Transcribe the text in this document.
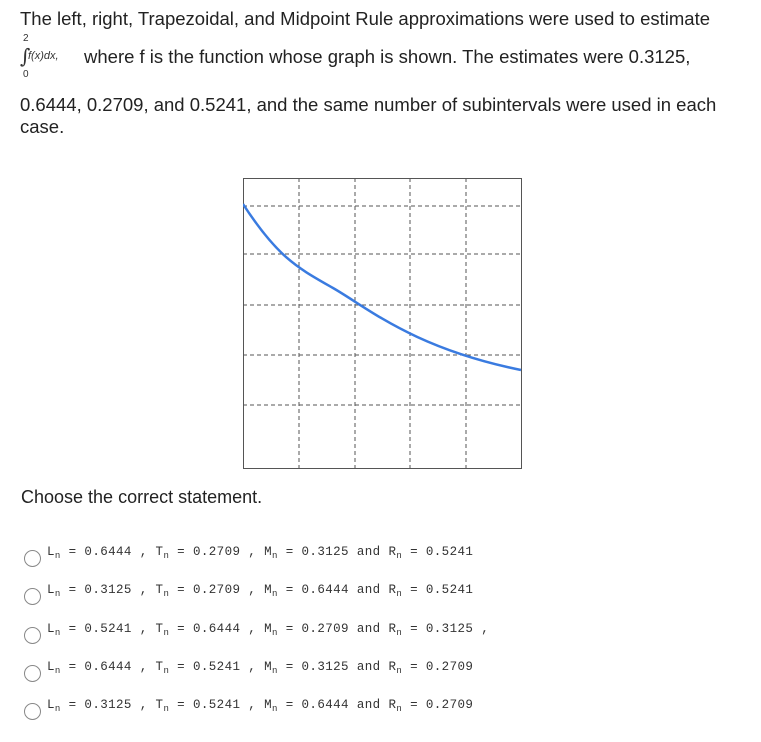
The left, right, Trapezoidal, and Midpoint Rule approximations were used to estimate
2
∫
f(x)dx,
0
where f is the function whose graph is shown. The estimates were 0.3125,
0.6444, 0.2709, and 0.5241, and the same number of subintervals were used in each case.
Choose the correct statement.
$L_n = 0.6444$ , $T_n = 0.2709$ , $M_n = 0.3125$ and $R_n = 0.5241$
$L_n = 0.3125$ , $T_n = 0.2709$ , $M_n = 0.6444$ and $R_n = 0.5241$
$L_n = 0.5241$ , $T_n = 0.6444$ , $M_n = 0.2709$ and $R_n = 0.3125$ ,
$L_n = 0.6444$ , $T_n = 0.5241$ , $M_n = 0.3125$ and $R_n = 0.2709$
$L_n = 0.3125$ , $T_n = 0.5241$ , $M_n = 0.6444$ and $R_n = 0.2709$
